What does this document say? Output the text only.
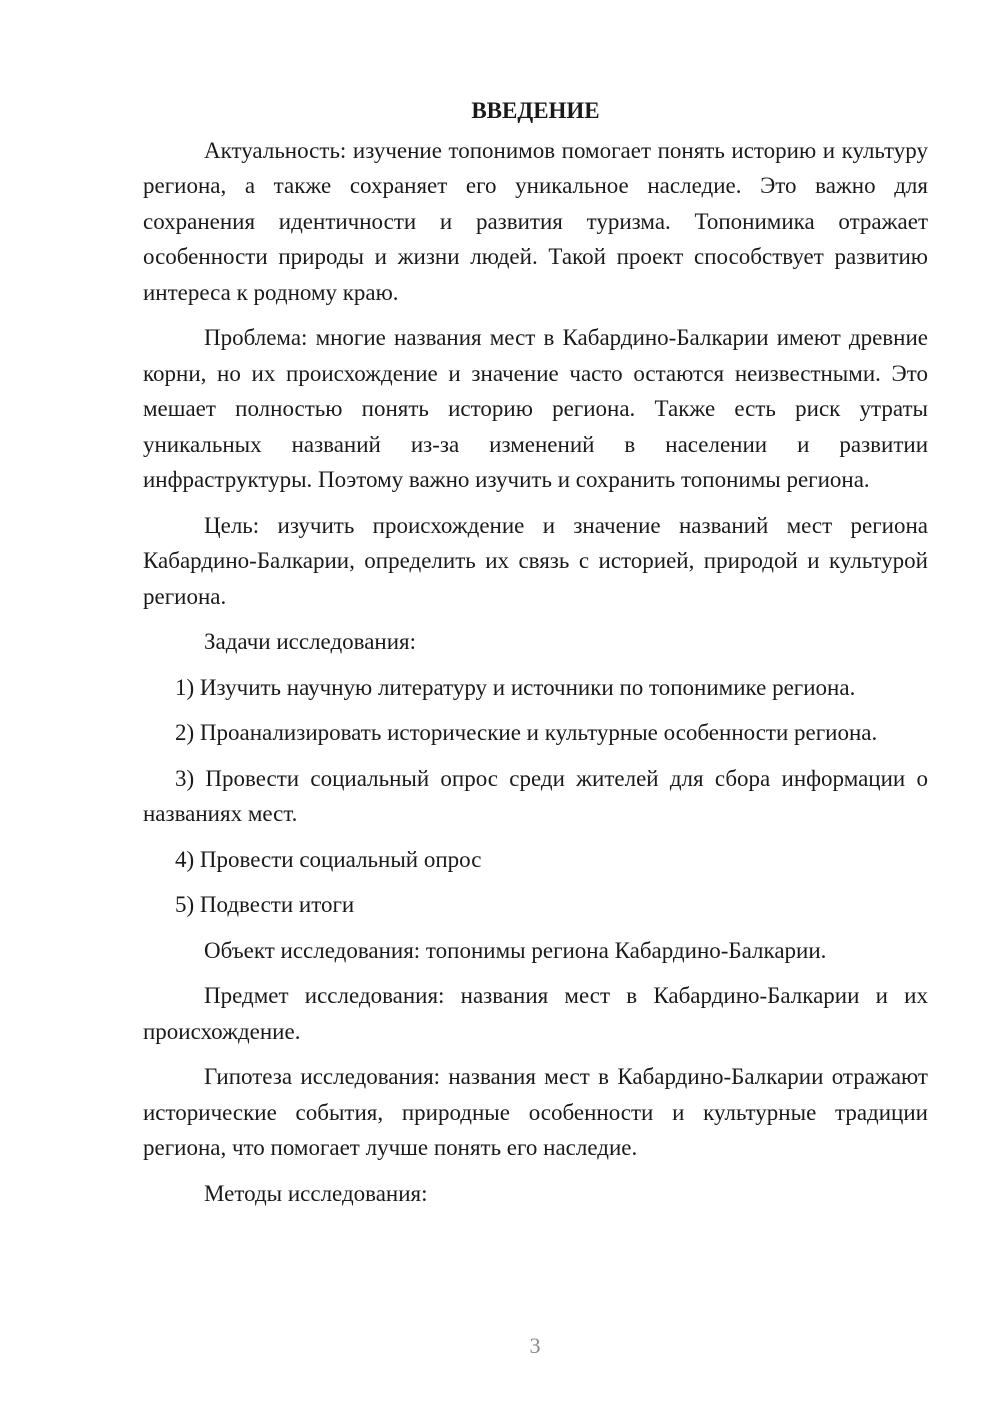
ВВЕДЕНИЕ

Актуальность: изучение топонимов помогает понять историю и культуру региона, а также сохраняет его уникальное наследие. Это важно для сохранения идентичности и развития туризма. Топонимика отражает особенности природы и жизни людей. Такой проект способствует развитию интереса к родному краю.

Проблема: многие названия мест в Кабардино-Балкарии имеют древние корни, но их происхождение и значение часто остаются неизвестными. Это мешает полностью понять историю региона. Также есть риск утраты уникальных названий из-за изменений в населении и развитии инфраструктуры. Поэтому важно изучить и сохранить топонимы региона.

Цель: изучить происхождение и значение названий мест региона Кабардино-Балкарии, определить их связь с историей, природой и культурой региона.

Задачи исследования:

1) Изучить научную литературу и источники по топонимике региона.

2) Проанализировать исторические и культурные особенности региона.

3) Провести социальный опрос среди жителей для сбора информации о названиях мест.

4) Провести социальный опрос

5) Подвести итоги

Объект исследования: топонимы региона Кабардино-Балкарии.

Предмет исследования: названия мест в Кабардино-Балкарии и их происхождение.

Гипотеза исследования: названия мест в Кабардино-Балкарии отражают исторические события, природные особенности и культурные традиции региона, что помогает лучше понять его наследие.

Методы исследования:

3
